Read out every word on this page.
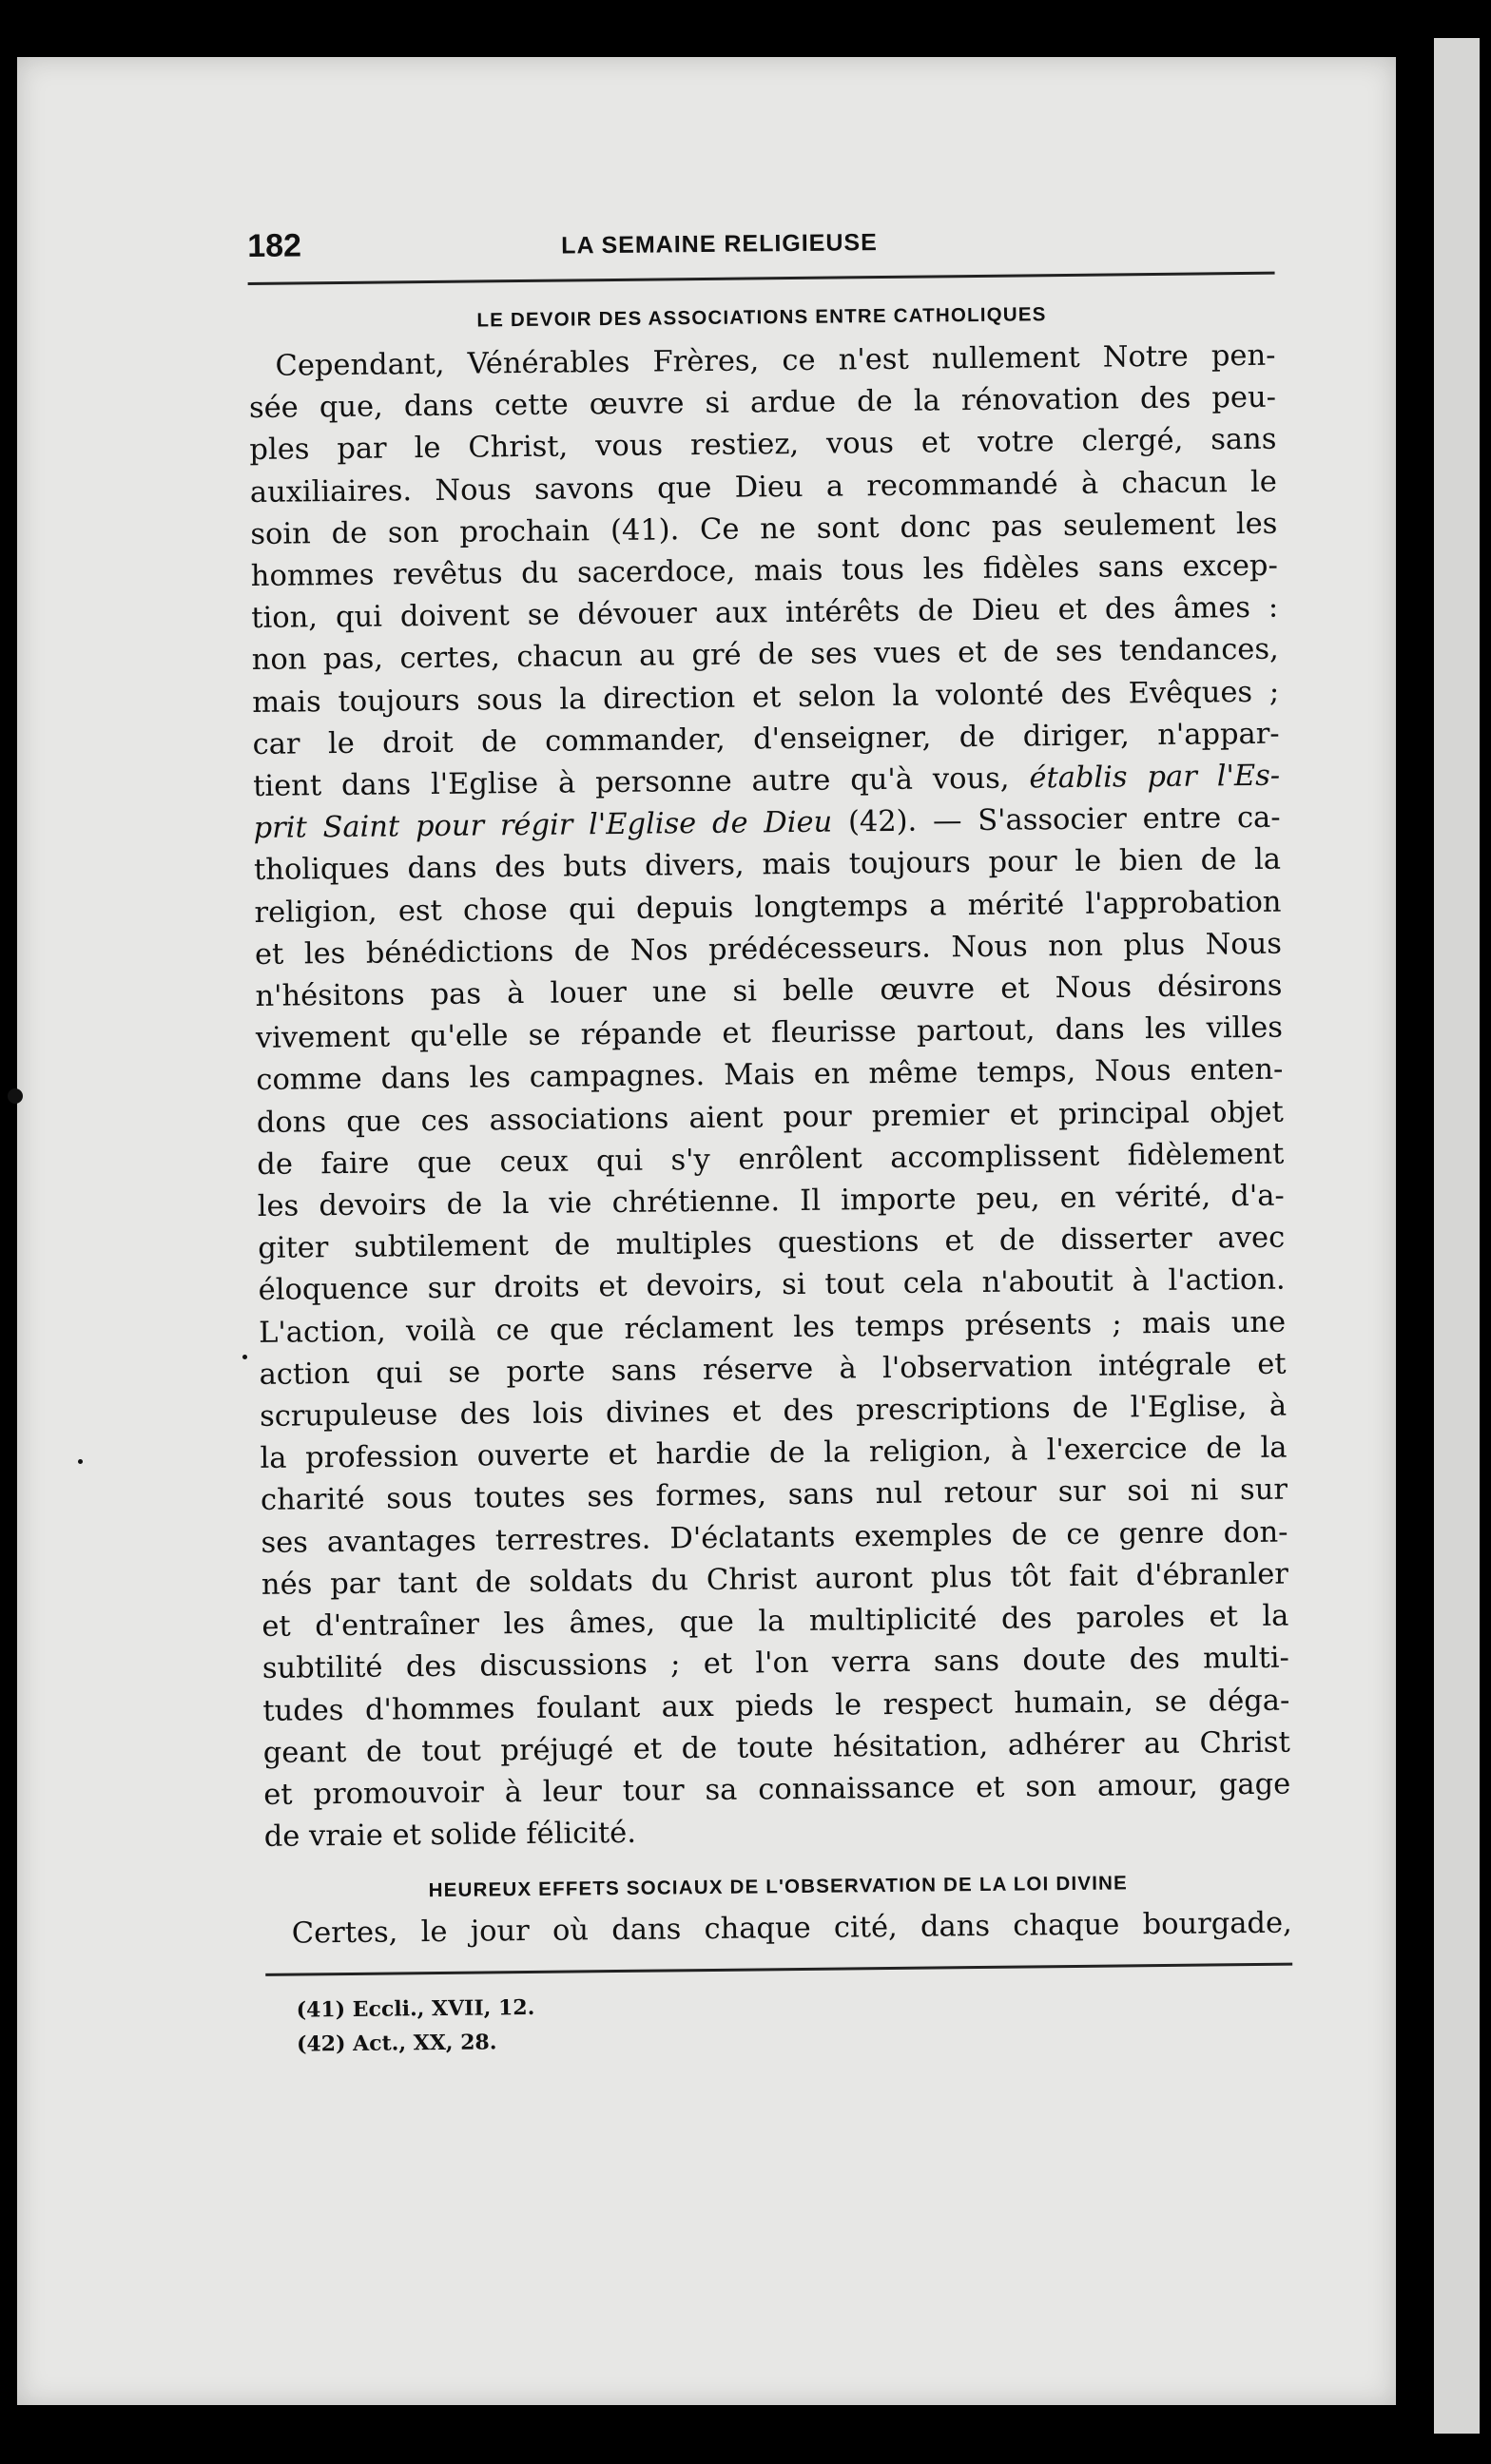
182	LA SEMAINE RELIGIEUSE
LE DEVOIR DES ASSOCIATIONS ENTRE CATHOLIQUES

Cependant, Vénérables Frères, ce n'est nullement Notre pen-
sée que, dans cette œuvre si ardue de la rénovation des peu-
ples par le Christ, vous restiez, vous et votre clergé, sans
auxiliaires. Nous savons que Dieu a recommandé à chacun le
soin de son prochain (41). Ce ne sont donc pas seulement les
hommes revêtus du sacerdoce, mais tous les fidèles sans excep-
tion, qui doivent se dévouer aux intérêts de Dieu et des âmes :
non pas, certes, chacun au gré de ses vues et de ses tendances,
mais toujours sous la direction et selon la volonté des Evêques ;
car le droit de commander, d'enseigner, de diriger, n'appar-
tient dans l'Eglise à personne autre qu'à vous, établis par l'Es-
prit Saint pour régir l'Eglise de Dieu (42). — S'associer entre ca-
tholiques dans des buts divers, mais toujours pour le bien de la
religion, est chose qui depuis longtemps a mérité l'approbation
et les bénédictions de Nos prédécesseurs. Nous non plus Nous
n'hésitons pas à louer une si belle œuvre et Nous désirons
vivement qu'elle se répande et fleurisse partout, dans les villes
comme dans les campagnes. Mais en même temps, Nous enten-
dons que ces associations aient pour premier et principal objet
de faire que ceux qui s'y enrôlent accomplissent fidèlement
les devoirs de la vie chrétienne. Il importe peu, en vérité, d'a-
giter subtilement de multiples questions et de disserter avec
éloquence sur droits et devoirs, si tout cela n'aboutit à l'action.
L'action, voilà ce que réclament les temps présents ; mais une
action qui se porte sans réserve à l'observation intégrale et
scrupuleuse des lois divines et des prescriptions de l'Eglise, à
la profession ouverte et hardie de la religion, à l'exercice de la
charité sous toutes ses formes, sans nul retour sur soi ni sur
ses avantages terrestres. D'éclatants exemples de ce genre don-
nés par tant de soldats du Christ auront plus tôt fait d'ébranler
et d'entraîner les âmes, que la multiplicité des paroles et la
subtilité des discussions ; et l'on verra sans doute des multi-
tudes d'hommes foulant aux pieds le respect humain, se déga-
geant de tout préjugé et de toute hésitation, adhérer au Christ
et promouvoir à leur tour sa connaissance et son amour, gage
de vraie et solide félicité.

HEUREUX EFFETS SOCIAUX DE L'OBSERVATION DE LA LOI DIVINE

Certes, le jour où dans chaque cité, dans chaque bourgade,

(41) Eccli., XVII, 12.
(42) Act., XX, 28.
